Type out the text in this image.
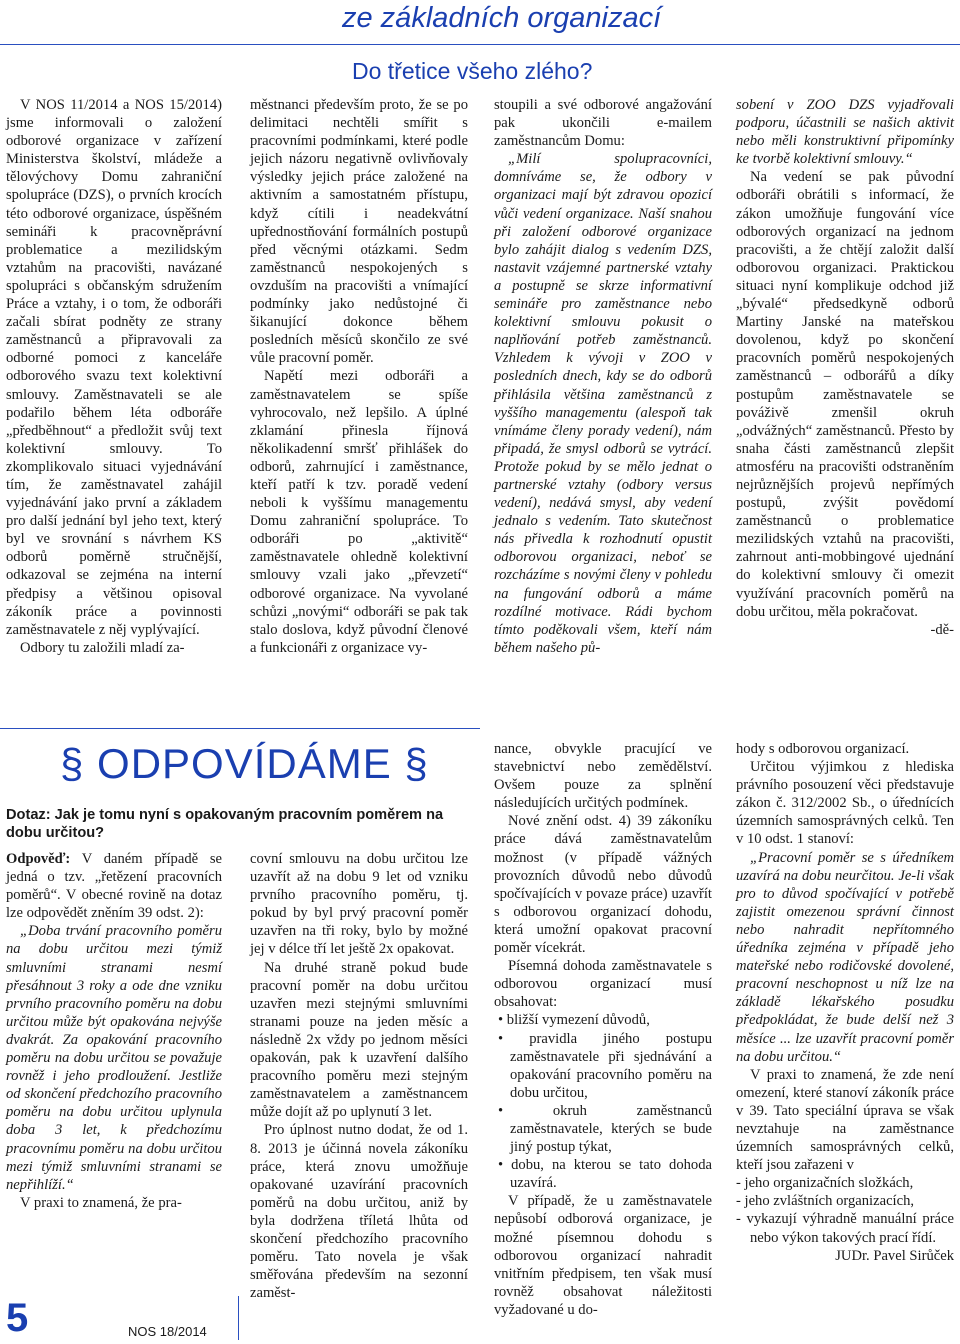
ze základních organizací
Do třetice všeho zlého?

V NOS 11/2014 a NOS 15/2014) jsme informovali o založení odborové organizace v zařízení Ministerstva školství, mládeže a tělovýchovy Domu zahraniční spolupráce (DZS), o prvních krocích této odborové organizace, úspěšném semináři k pracovněprávní problematice a mezilidským vztahům na pracovišti, navázané spolupráci s občanským sdružením Práce a vztahy, i o tom, že odboráři začali sbírat podněty ze strany zaměstnanců a připravovali za odborné pomoci z kanceláře odborového svazu text kolektivní smlouvy. Zaměstnavateli se ale podařilo během léta odboráře „předběhnout“ a předložit svůj text kolektivní smlouvy. To zkomplikovalo situaci vyjednávání tím, že zaměstnavatel zahájil vyjednávání jako první a základem pro další jednání byl jeho text, který byl ve srovnání s návrhem KS odborů poměrně stručnější, odkazoval se zejména na interní předpisy a většinou opisoval zákoník práce a povinnosti zaměstnavatele z něj vyplývající.

Odbory tu založili mladí za-

městnanci především proto, že se po delimitaci nechtěli smířit s pracovními podmínkami, které podle jejich názoru negativně ovlivňovaly výsledky jejich práce založené na aktivním a samostatném přístupu, když cítili i neadekvátní upřednostňování formálních postupů před věcnými otázkami. Sedm zaměstnanců nespokojených s ovzduším na pracovišti a vnímající podmínky jako nedůstojné či šikanující dokonce během posledních měsíců skončilo ze své vůle pracovní poměr.

Napětí mezi odboráři a zaměstnavatelem se spíše vyhrocovalo, než lepšilo. A úplné zklamání přinesla říjnová několikadenní smršť přihlášek do odborů, zahrnující i zaměstnance, kteří patří k tzv. poradě vedení neboli k vyššímu managementu Domu zahraniční spolupráce. To odboráři po „aktivitě“ zaměstnavatele ohledně kolektivní smlouvy vzali jako „převzetí“ odborové organizace. Na vyvolané schůzi „novými“ odboráři se pak tak stalo doslova, když původní členové a funkcionáři z organizace vy-

stoupili a své odborové angažování pak ukončili e-mailem zaměstnancům Domu:

„Milí spolupracovníci, domníváme se, že odbory v organizaci mají být zdravou opozicí vůči vedení organizace. Naší snahou při založení odborové organizace bylo zahájit dialog s vedením DZS, nastavit vzájemné partnerské vztahy a postupně se skrze informativní semináře pro zaměstnance nebo kolektivní smlouvu pokusit o naplňování potřeb zaměstnanců. Vzhledem k vývoji v ZOO v posledních dnech, kdy se do odborů přihlásila většina zaměstnanců z vyššího managementu (alespoň tak vnímáme členy porady vedení), nám připadá, že smysl odborů se vytrácí. Protože pokud by se mělo jednat o partnerské vztahy (odbory versus vedení), nedává smysl, aby vedení jednalo s vedením. Tato skutečnost nás přivedla k rozhodnutí opustit odborovou organizaci, neboť se rozcházíme s novými členy v pohledu na fungování odborů a máme rozdílné motivace. Rádi bychom tímto poděkovali všem, kteří nám během našeho pů-

sobení v ZOO DZS vyjadřovali podporu, účastnili se našich aktivit nebo měli konstruktivní připomínky ke tvorbě kolektivní smlouvy.“

Na vedení se pak původní odboráři obrátili s informací, že zákon umožňuje fungování více odborových organizací na jednom pracovišti, a že chtějí založit další odborovou organizaci. Praktickou situaci nyní komplikuje odchod již „bývalé“ předsedkyně odborů Martiny Janské na mateřskou dovolenou, když po skončení pracovních poměrů nespokojených zaměstnanců – odborářů a díky postupům zaměstnavatele se pováživě zmenšil okruh „odvážných“ zaměstnanců. Přesto by snaha části zaměstnanců zlepšit atmosféru na pracovišti odstraněním nejrůznějších projevů nepřímých postupů, zvýšit povědomí zaměstnanců o problematice mezilidských vztahů na pracovišti, zahrnout anti-mobbingové ujednání do kolektivní smlouvy či omezit využívání pracovních poměrů na dobu určitou, měla pokračovat.

-dě-

§ ODPOVÍDÁME §
Dotaz: Jak je tomu nyní s opakovaným pracovním poměrem na dobu určitou?

Odpověď: V daném případě se jedná o tzv. „řetězení pracovních poměrů“. V obecné rovině na dotaz lze odpovědět zněním 39 odst. 2):

„Doba trvání pracovního poměru na dobu určitou mezi týmiž smluvními stranami nesmí přesáhnout 3 roky a ode dne vzniku prvního pracovního poměru na dobu určitou může být opakována nejvýše dvakrát. Za opakování pracovního poměru na dobu určitou se považuje rovněž i jeho prodloužení. Jestliže od skončení předchozího pracovního poměru na dobu určitou uplynula doba 3 let, k předchozímu pracovnímu poměru na dobu určitou mezi týmiž smluvními stranami se nepřihlíží.“

V praxi to znamená, že pra-

covní smlouvu na dobu určitou lze uzavřít až na dobu 9 let od vzniku prvního pracovního poměru, tj. pokud by byl prvý pracovní poměr uzavřen na tři roky, bylo by možné jej v délce tří let ještě 2x opakovat.

Na druhé straně pokud bude pracovní poměr na dobu určitou uzavřen mezi stejnými smluvními stranami pouze na jeden měsíc a následně 2x vždy po jednom měsíci opakován, pak k uzavření dalšího pracovního poměru mezi stejným zaměstnavatelem a zaměstnancem může dojít až po uplynutí 3 let.

Pro úplnost nutno dodat, že od 1. 8. 2013 je účinná novela zákoníku práce, která znovu umožňuje opakované uzavírání pracovních poměrů na dobu určitou, aniž by byla dodržena tříletá lhůta od skončení předchozího pracovního poměru. Tato novela je však směřována především na sezonní zaměst-

nance, obvykle pracující ve stavebnictví nebo zemědělství. Ovšem pouze za splnění následujících určitých podmínek.

Nové znění odst. 4) 39 zákoníku práce dává zaměstnavatelům možnost (v případě vážných provozních důvodů nebo důvodů spočívajících v povaze práce) uzavřít s odborovou organizací dohodu, která umožní opakovat pracovní poměr vícekrát.

Písemná dohoda zaměstnavatele s odborovou organizací musí obsahovat:

• bližší vymezení důvodů,

• pravidla jiného postupu zaměstnavatele při sjednávání a opakování pracovního poměru na dobu určitou,

• okruh zaměstnanců zaměstnavatele, kterých se bude jiný postup týkat,

• dobu, na kterou se tato dohoda uzavírá.

V případě, že u zaměstnavatele nepůsobí odborová organizace, je možné písemnou dohodu s odborovou organizací nahradit vnitřním předpisem, ten však musí rovněž obsahovat náležitosti vyžadované u do-

hody s odborovou organizací.

Určitou výjimkou z hlediska právního posouzení věci představuje zákon č. 312/2002 Sb., o úřednících územních samosprávných celků. Ten v 10 odst. 1 stanoví:

„Pracovní poměr se s úředníkem uzavírá na dobu neurčitou. Je-li však pro to důvod spočívající v potřebě zajistit omezenou správní činnost nebo nahradit nepřítomného úředníka zejména v případě jeho mateřské nebo rodičovské dovolené, pracovní neschopnost u níž lze na základě lékařského posudku předpokládat, že bude delší než 3 měsíce ... lze uzavřít pracovní poměr na dobu určitou.“

V praxi to znamená, že zde není omezení, které stanoví zákoník práce v 39. Tato speciální úprava se však nevztahuje na zaměstnance územních samosprávných celků, kteří jsou zařazeni v

- jeho organizačních složkách,

- jeho zvláštních organizacích,

- vykazují výhradně manuální práce nebo výkon takových prací řídí.

JUDr. Pavel Sirůček

5	NOS 18/2014
